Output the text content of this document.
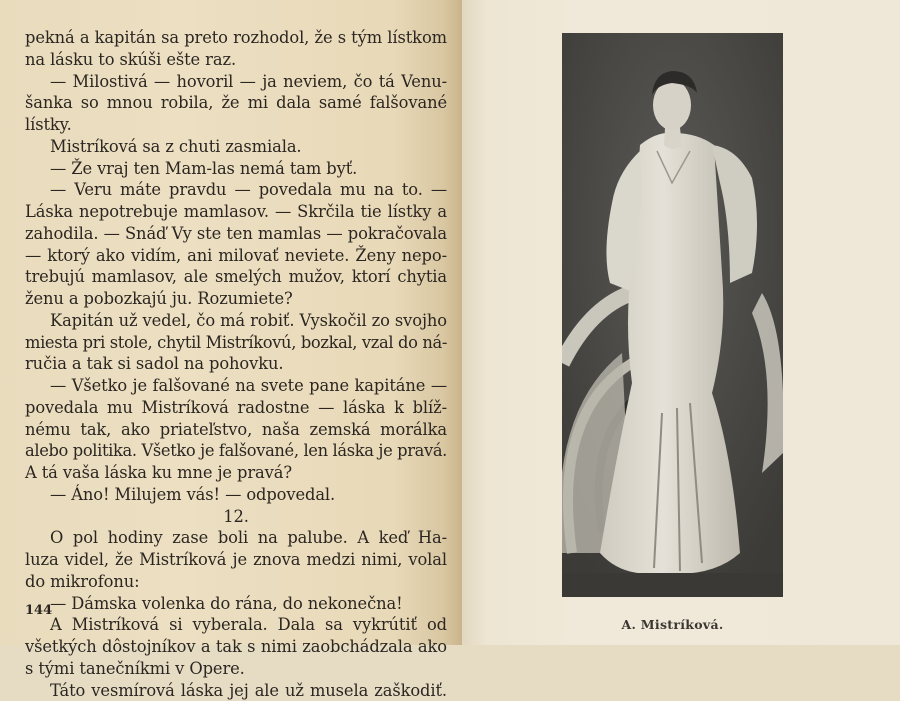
pekná a kapitán sa preto rozhodol, že s tým lístkom
na lásku to skúši ešte raz.
— Milostivá — hovoril — ja neviem, čo tá Venu-
šanka so mnou robila, že mi dala samé falšované
lístky.
Mistríková sa z chuti zasmiala.
— Že vraj ten Mam-las nemá tam byť.
— Veru máte pravdu — povedala mu na to. —
Láska nepotrebuje mamlasov. — Skrčila tie lístky a
zahodila. — Snáď Vy ste ten mamlas — pokračovala
— ktorý ako vidím, ani milovať neviete. Ženy nepo-
trebujú mamlasov, ale smelých mužov, ktorí chytia
ženu a pobozkajú ju. Rozumiete?
Kapitán už vedel, čo má robiť. Vyskočil zo svojho
miesta pri stole, chytil Mistríkovú, bozkal, vzal do ná-
ručia a tak si sadol na pohovku.
— Všetko je falšované na svete pane kapitáne —
povedala mu Mistríková radostne — láska k blíž-
nému tak, ako priateľstvo, naša zemská morálka
alebo politika. Všetko je falšované, len láska je pravá.
A tá vaša láska ku mne je pravá?
— Áno! Milujem vás! — odpovedal.
12.
O pol hodiny zase boli na palube. A keď Ha-
luza videl, že Mistríková je znova medzi nimi, volal
do mikrofonu:
— Dámska volenka do rána, do nekonečna!
A Mistríková si vyberala. Dala sa vykrútiť od
všetkých dôstojníkov a tak s nimi zaobchádzala ako
s tými tanečníkmi v Opere.
Táto vesmírová láska jej ale už musela zaškodiť.
144
A. Mistríková.
